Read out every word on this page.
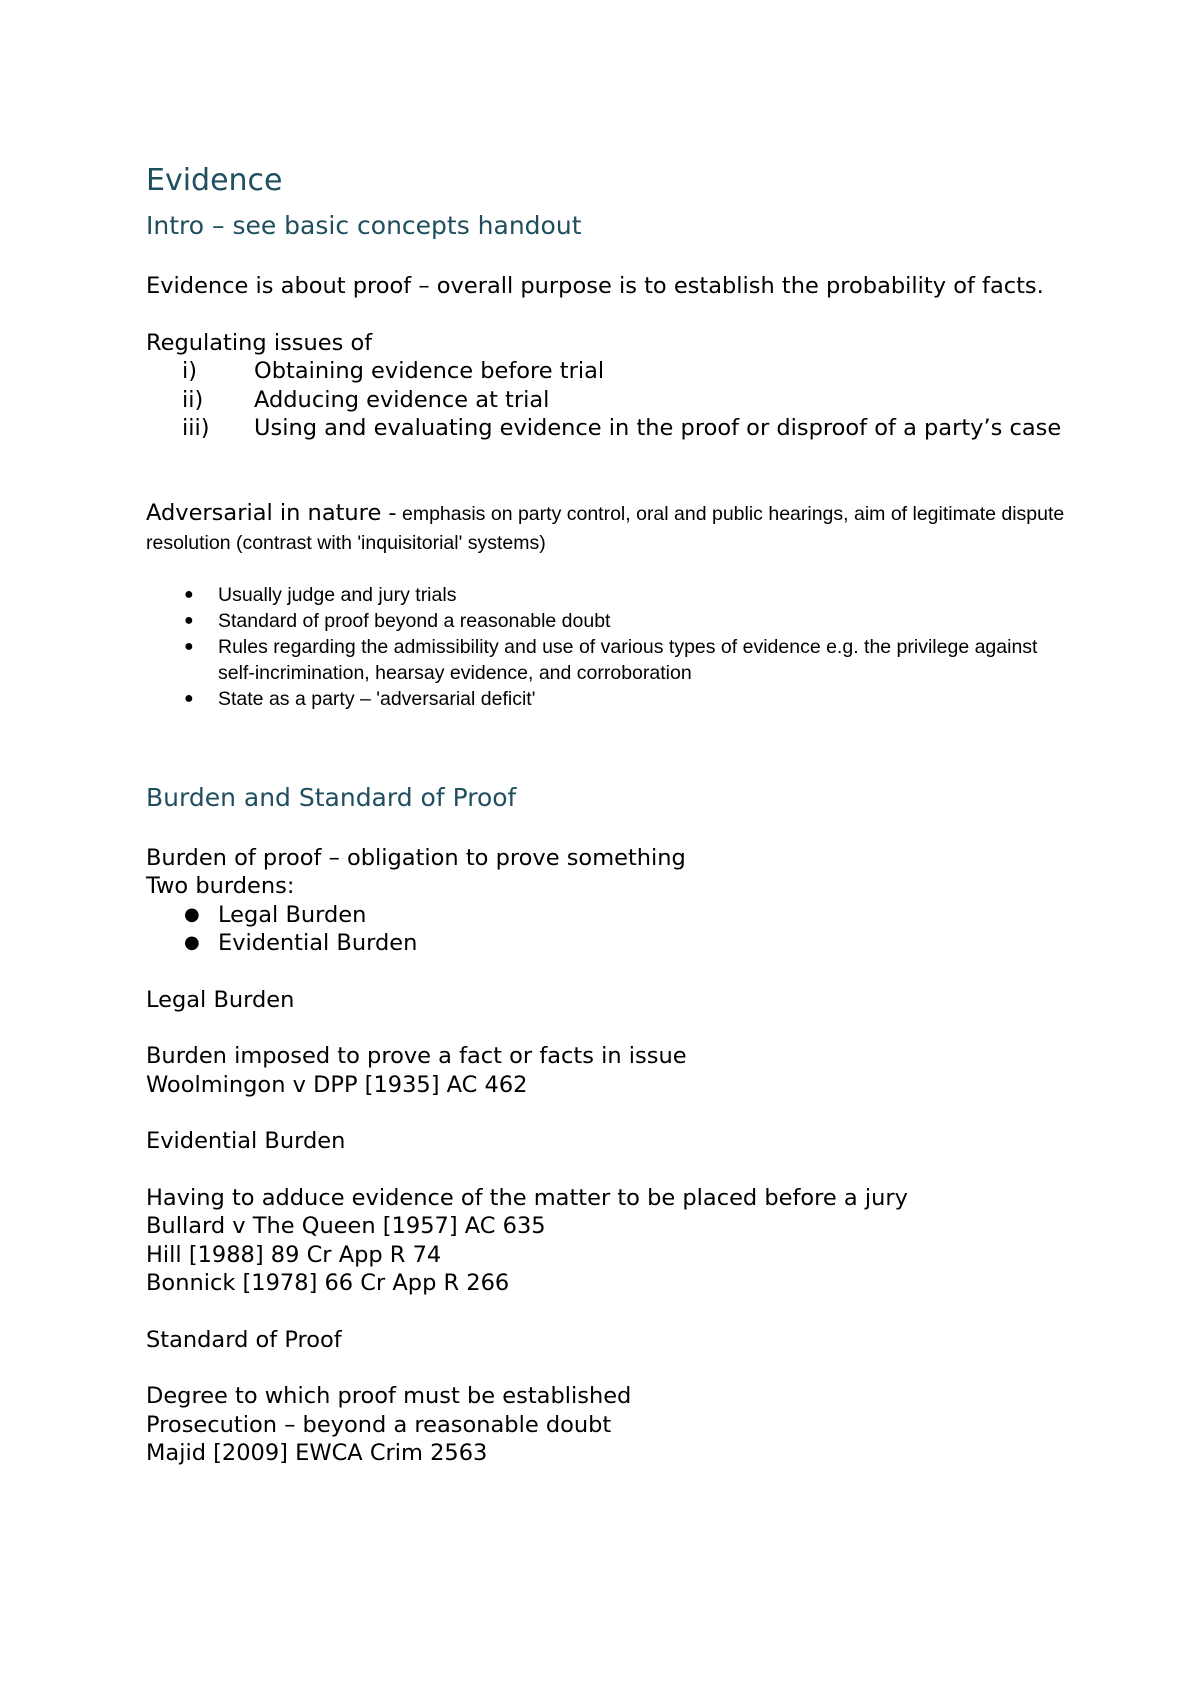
Evidence
Intro – see basic concepts handout

Evidence is about proof – overall purpose is to establish the probability of facts.

Regulating issues of

i)	Obtaining evidence before trial
ii)	Adducing evidence at trial
iii)	Using and evaluating evidence in the proof or disproof of a party’s case

Adversarial in nature - emphasis on party control, oral and public hearings, aim of legitimate dispute resolution (contrast with 'inquisitorial' systems)

●	Usually judge and jury trials
●	Standard of proof beyond a reasonable doubt
●	Rules regarding the admissibility and use of various types of evidence e.g. the privilege against self-incrimination, hearsay evidence, and corroboration
●	State as a party – 'adversarial deficit'
Burden and Standard of Proof

Burden of proof – obligation to prove something

Two burdens:

● Legal Burden
● Evidential Burden

Legal Burden

Burden imposed to prove a fact or facts in issue

Woolmingon v DPP [1935] AC 462

Evidential Burden

Having to adduce evidence of the matter to be placed before a jury

Bullard v The Queen [1957] AC 635

Hill [1988] 89 Cr App R 74

Bonnick [1978] 66 Cr App R 266

Standard of Proof

Degree to which proof must be established

Prosecution – beyond a reasonable doubt

Majid [2009] EWCA Crim 2563
